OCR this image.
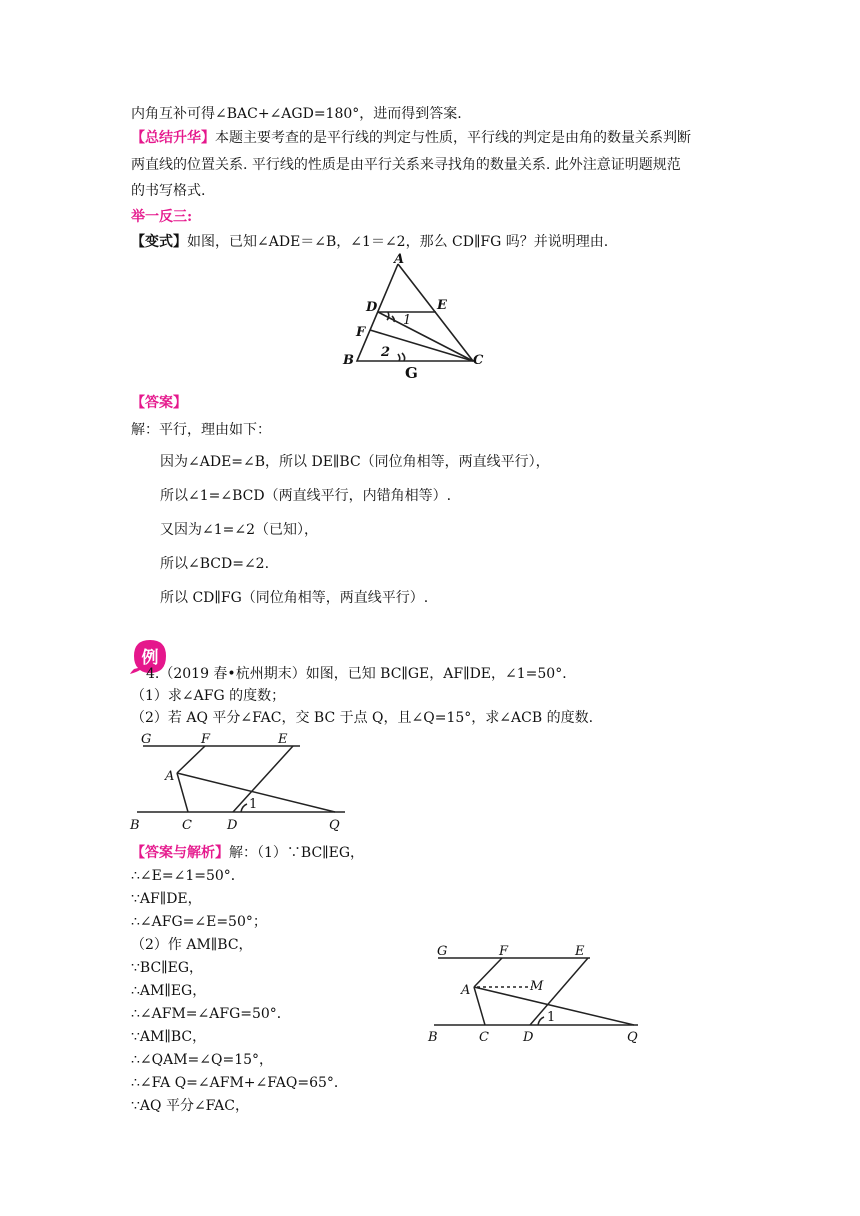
内角互补可得∠BAC+∠AGD=180°，进而得到答案.
【总结升华】本题主要考查的是平行线的判定与性质，平行线的判定是由角的数量关系判断
两直线的位置关系. 平行线的性质是由平行关系来寻找角的数量关系. 此外注意证明题规范
的书写格式.
举一反三:
【变式】如图，已知∠ADE＝∠B，∠1＝∠2，那么 CD∥FG 吗？并说明理由.
A
D	E
F
B	C
G
1
2
【答案】
解：平行，理由如下：
因为∠ADE=∠B，所以 DE∥BC（同位角相等，两直线平行），
所以∠1=∠BCD（两直线平行，内错角相等）.
又因为∠1=∠2（已知），
所以∠BCD=∠2.
所以 CD∥FG（同位角相等，两直线平行）.
例
4.（2019 春•杭州期末）如图，已知 BC∥GE，AF∥DE，∠1=50°．
（1）求∠AFG 的度数；
（2）若 AQ 平分∠FAC，交 BC 于点 Q，且∠Q=15°，求∠ACB 的度数.
G	F	E
A
B	C	D	Q
1
【答案与解析】解：（1）∵BC∥EG，
∴∠E=∠1=50°．
∵AF∥DE，
∴∠AFG=∠E=50°；
（2）作 AM∥BC，
∵BC∥EG，
∴AM∥EG，
∴∠AFM=∠AFG=50°．
∵AM∥BC，
∴∠QAM=∠Q=15°，
∴∠FA Q=∠AFM+∠FAQ=65°．
∵AQ 平分∠FAC，
G	F	E
A	M
B	C	D	Q
1
